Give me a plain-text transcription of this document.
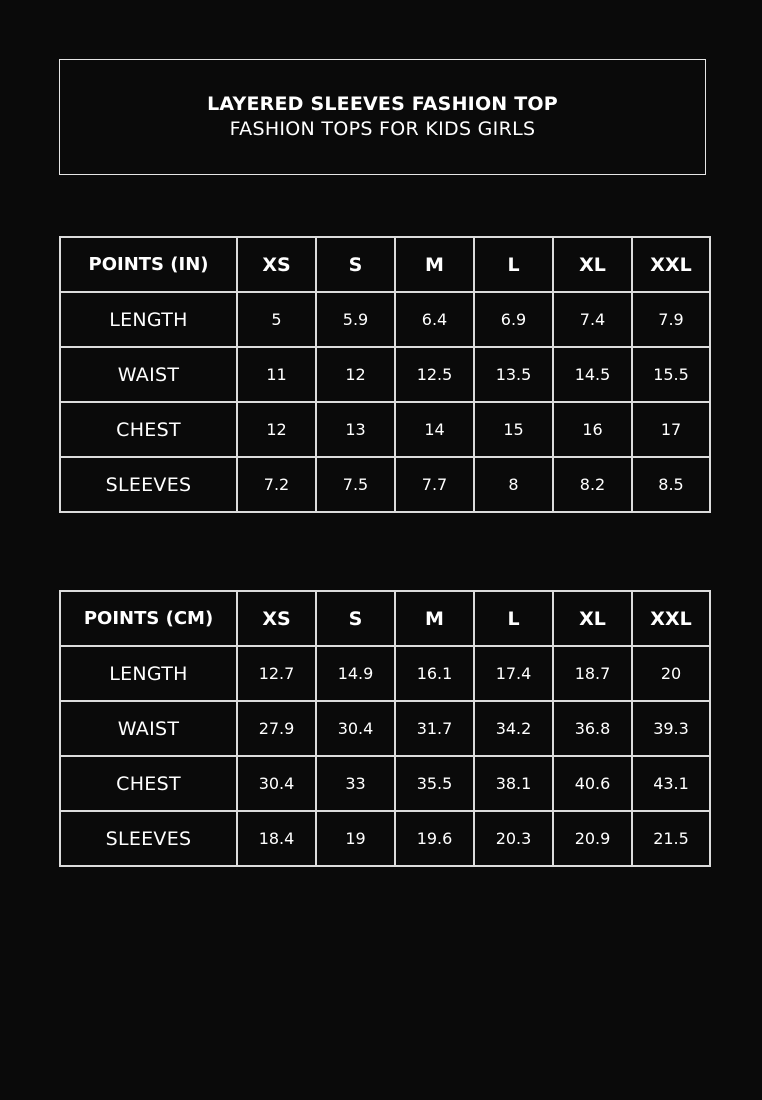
LAYERED SLEEVES FASHION TOP
FASHION TOPS FOR KIDS GIRLS
POINTS (IN)	XS	S	M	L	XL	XXL
LENGTH	5	5.9	6.4	6.9	7.4	7.9
WAIST	11	12	12.5	13.5	14.5	15.5
CHEST	12	13	14	15	16	17
SLEEVES	7.2	7.5	7.7	8	8.2	8.5
POINTS (CM)	XS	S	M	L	XL	XXL
LENGTH	12.7	14.9	16.1	17.4	18.7	20
WAIST	27.9	30.4	31.7	34.2	36.8	39.3
CHEST	30.4	33	35.5	38.1	40.6	43.1
SLEEVES	18.4	19	19.6	20.3	20.9	21.5
